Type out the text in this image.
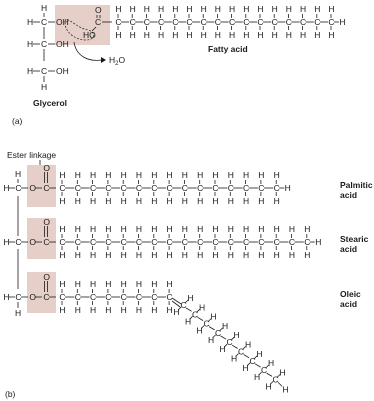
H C OH
H
H C OH
H C OH
H
Glycerol
(a)
O
C
HO
$H_2O$
C
H
H
C
H
H
C
H
H
C
H
H
C
H
H
C
H
H
C
H
H
C
H
H
C
H
H
C
H
H
C
H
H
C
H
H
C
H
H
C
H
H
C
H
H
C
H
H
H
Fatty acid
Ester linkage
H
H
C
H O C
O
C
H
H
C
H
H
C
H
H
C
H
H
C
H
H
C
H
H
C
H
H
C
H
H
C
H
H
C
H
H
C
H
H
C
H
H
C
H
H
C
H
H
C
H
H
H
C
H O C
O
C
H
H
C
H
H
C
H
H
C
H
H
C
H
H
C
H
H
C
H
H
C
H
H
C
H
H
C
H
H
C
H
H
C
H
H
C
H
H
C
H
H
C
H
H
C
H
H
C
H
H
H
C
H O C
O
C
H
H
C
H
H
C
H
H
C
H
H
C
H
H
C
H
H
C
H
H
C
H
H C
H
H
C
H
H
C
H
H
C
H
H
C
H
H
C
H
H
C
H
H
C
H
H
C
H
H
H
Palmitic
acid
Stearic
acid
Oleic
acid
(b)
